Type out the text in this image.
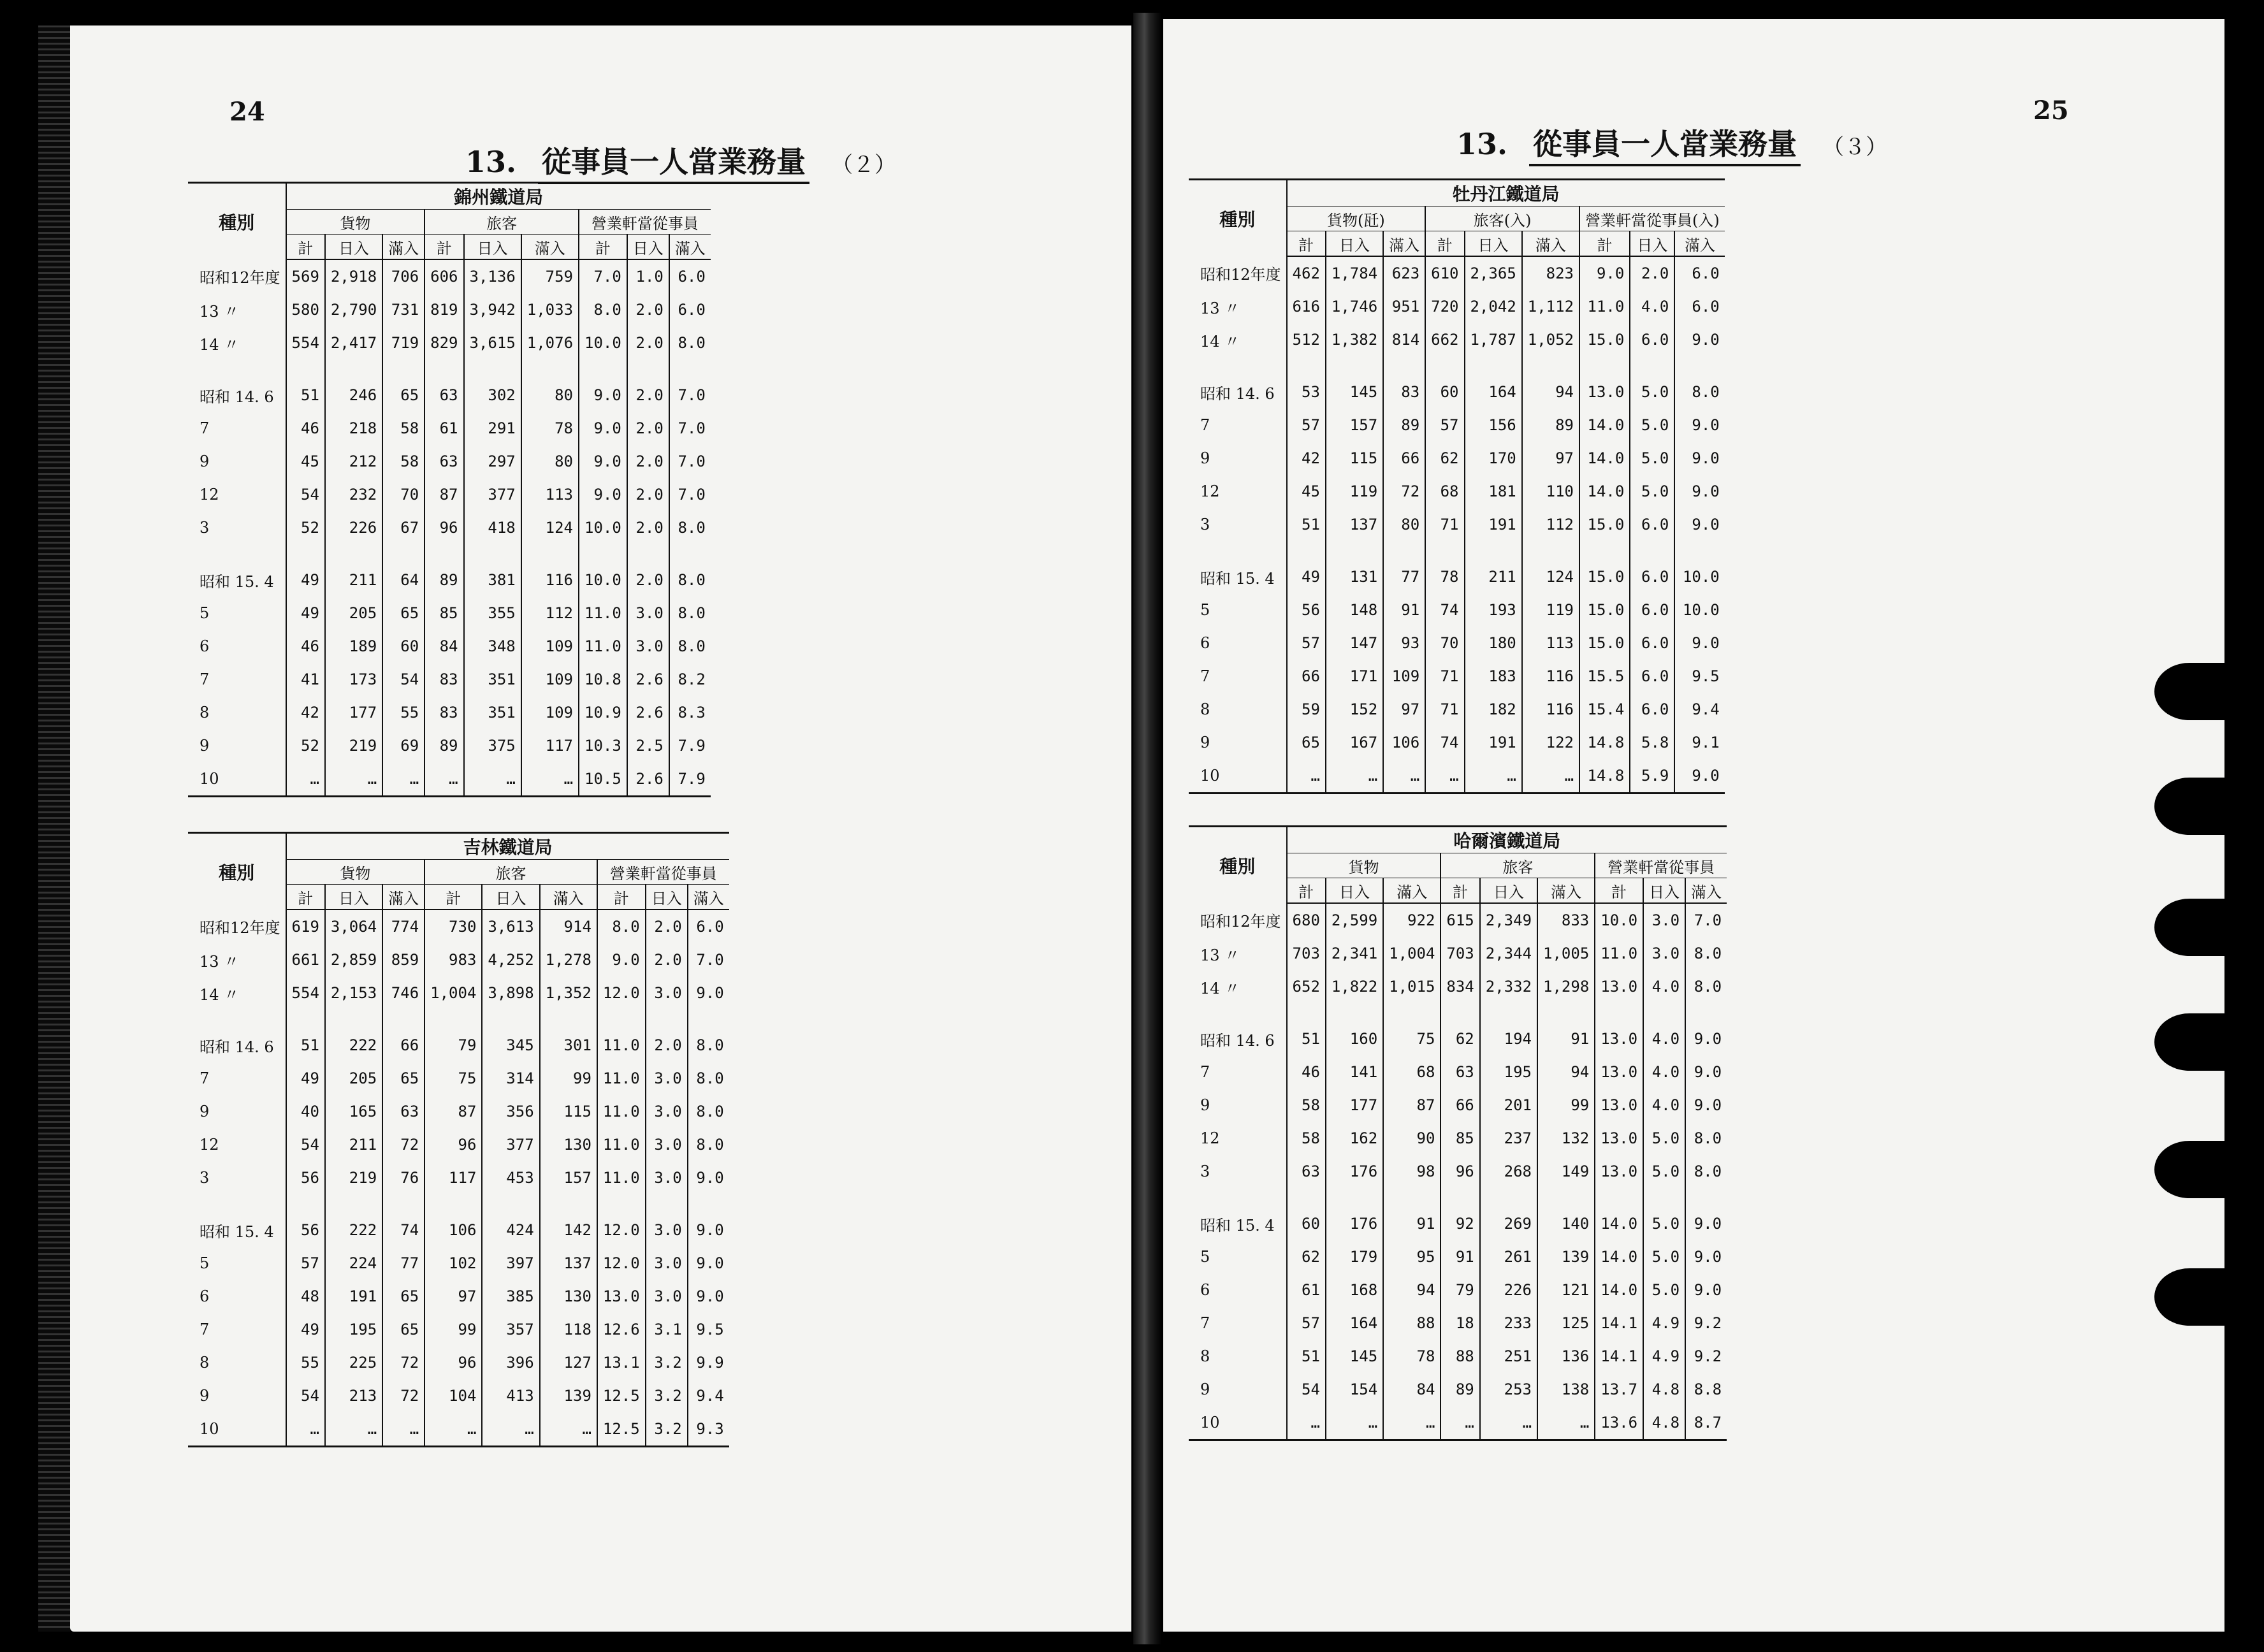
24
13. 従事員一人當業務量 （２）
種別	錦州鐵道局								
	貨物			旅客			營業軒當從事員		
	計	日入	滿入	計	日入	滿入	計	日入	滿入
昭和12年度	569	2,918	706	606	3,136	759	7.0	1.0	6.0
13 〃	580	2,790	731	819	3,942	1,033	8.0	2.0	6.0
14 〃	554	2,417	719	829	3,615	1,076	10.0	2.0	8.0

昭和 14. 6	51	246	65	63	302	80	9.0	2.0	7.0
7	46	218	58	61	291	78	9.0	2.0	7.0
9	45	212	58	63	297	80	9.0	2.0	7.0
12	54	232	70	87	377	113	9.0	2.0	7.0
3	52	226	67	96	418	124	10.0	2.0	8.0

昭和 15. 4	49	211	64	89	381	116	10.0	2.0	8.0
5	49	205	65	85	355	112	11.0	3.0	8.0
6	46	189	60	84	348	109	11.0	3.0	8.0
7	41	173	54	83	351	109	10.8	2.6	8.2
8	42	177	55	83	351	109	10.9	2.6	8.3
9	52	219	69	89	375	117	10.3	2.5	7.9
10	…	…	…	…	…	…	10.5	2.6	7.9
種別	吉林鐵道局								
	貨物			旅客			營業軒當從事員		
	計	日入	滿入	計	日入	滿入	計	日入	滿入
昭和12年度	619	3,064	774	730	3,613	914	8.0	2.0	6.0
13 〃	661	2,859	859	983	4,252	1,278	9.0	2.0	7.0
14 〃	554	2,153	746	1,004	3,898	1,352	12.0	3.0	9.0

昭和 14. 6	51	222	66	79	345	301	11.0	2.0	8.0
7	49	205	65	75	314	99	11.0	3.0	8.0
9	40	165	63	87	356	115	11.0	3.0	8.0
12	54	211	72	96	377	130	11.0	3.0	8.0
3	56	219	76	117	453	157	11.0	3.0	9.0

昭和 15. 4	56	222	74	106	424	142	12.0	3.0	9.0
5	57	224	77	102	397	137	12.0	3.0	9.0
6	48	191	65	97	385	130	13.0	3.0	9.0
7	49	195	65	99	357	118	12.6	3.1	9.5
8	55	225	72	96	396	127	13.1	3.2	9.9
9	54	213	72	104	413	139	12.5	3.2	9.4
10	…	…	…	…	…	…	12.5	3.2	9.3
25
13. 從事員一人當業務量 （３）
種別	牡丹江鐵道局								
	貨物(瓩)			旅客(入)			營業軒當從事員(入)		
	計	日入	滿入	計	日入	滿入	計	日入	滿入
昭和12年度	462	1,784	623	610	2,365	823	9.0	2.0	6.0
13 〃	616	1,746	951	720	2,042	1,112	11.0	4.0	6.0
14 〃	512	1,382	814	662	1,787	1,052	15.0	6.0	9.0

昭和 14. 6	53	145	83	60	164	94	13.0	5.0	8.0
7	57	157	89	57	156	89	14.0	5.0	9.0
9	42	115	66	62	170	97	14.0	5.0	9.0
12	45	119	72	68	181	110	14.0	5.0	9.0
3	51	137	80	71	191	112	15.0	6.0	9.0

昭和 15. 4	49	131	77	78	211	124	15.0	6.0	10.0
5	56	148	91	74	193	119	15.0	6.0	10.0
6	57	147	93	70	180	113	15.0	6.0	9.0
7	66	171	109	71	183	116	15.5	6.0	9.5
8	59	152	97	71	182	116	15.4	6.0	9.4
9	65	167	106	74	191	122	14.8	5.8	9.1
10	…	…	…	…	…	…	14.8	5.9	9.0
種別	哈爾濱鐵道局								
	貨物			旅客			營業軒當從事員		
	計	日入	滿入	計	日入	滿入	計	日入	滿入
昭和12年度	680	2,599	922	615	2,349	833	10.0	3.0	7.0
13 〃	703	2,341	1,004	703	2,344	1,005	11.0	3.0	8.0
14 〃	652	1,822	1,015	834	2,332	1,298	13.0	4.0	8.0

昭和 14. 6	51	160	75	62	194	91	13.0	4.0	9.0
7	46	141	68	63	195	94	13.0	4.0	9.0
9	58	177	87	66	201	99	13.0	4.0	9.0
12	58	162	90	85	237	132	13.0	5.0	8.0
3	63	176	98	96	268	149	13.0	5.0	8.0

昭和 15. 4	60	176	91	92	269	140	14.0	5.0	9.0
5	62	179	95	91	261	139	14.0	5.0	9.0
6	61	168	94	79	226	121	14.0	5.0	9.0
7	57	164	88	18	233	125	14.1	4.9	9.2
8	51	145	78	88	251	136	14.1	4.9	9.2
9	54	154	84	89	253	138	13.7	4.8	8.8
10	…	…	…	…	…	…	13.6	4.8	8.7
